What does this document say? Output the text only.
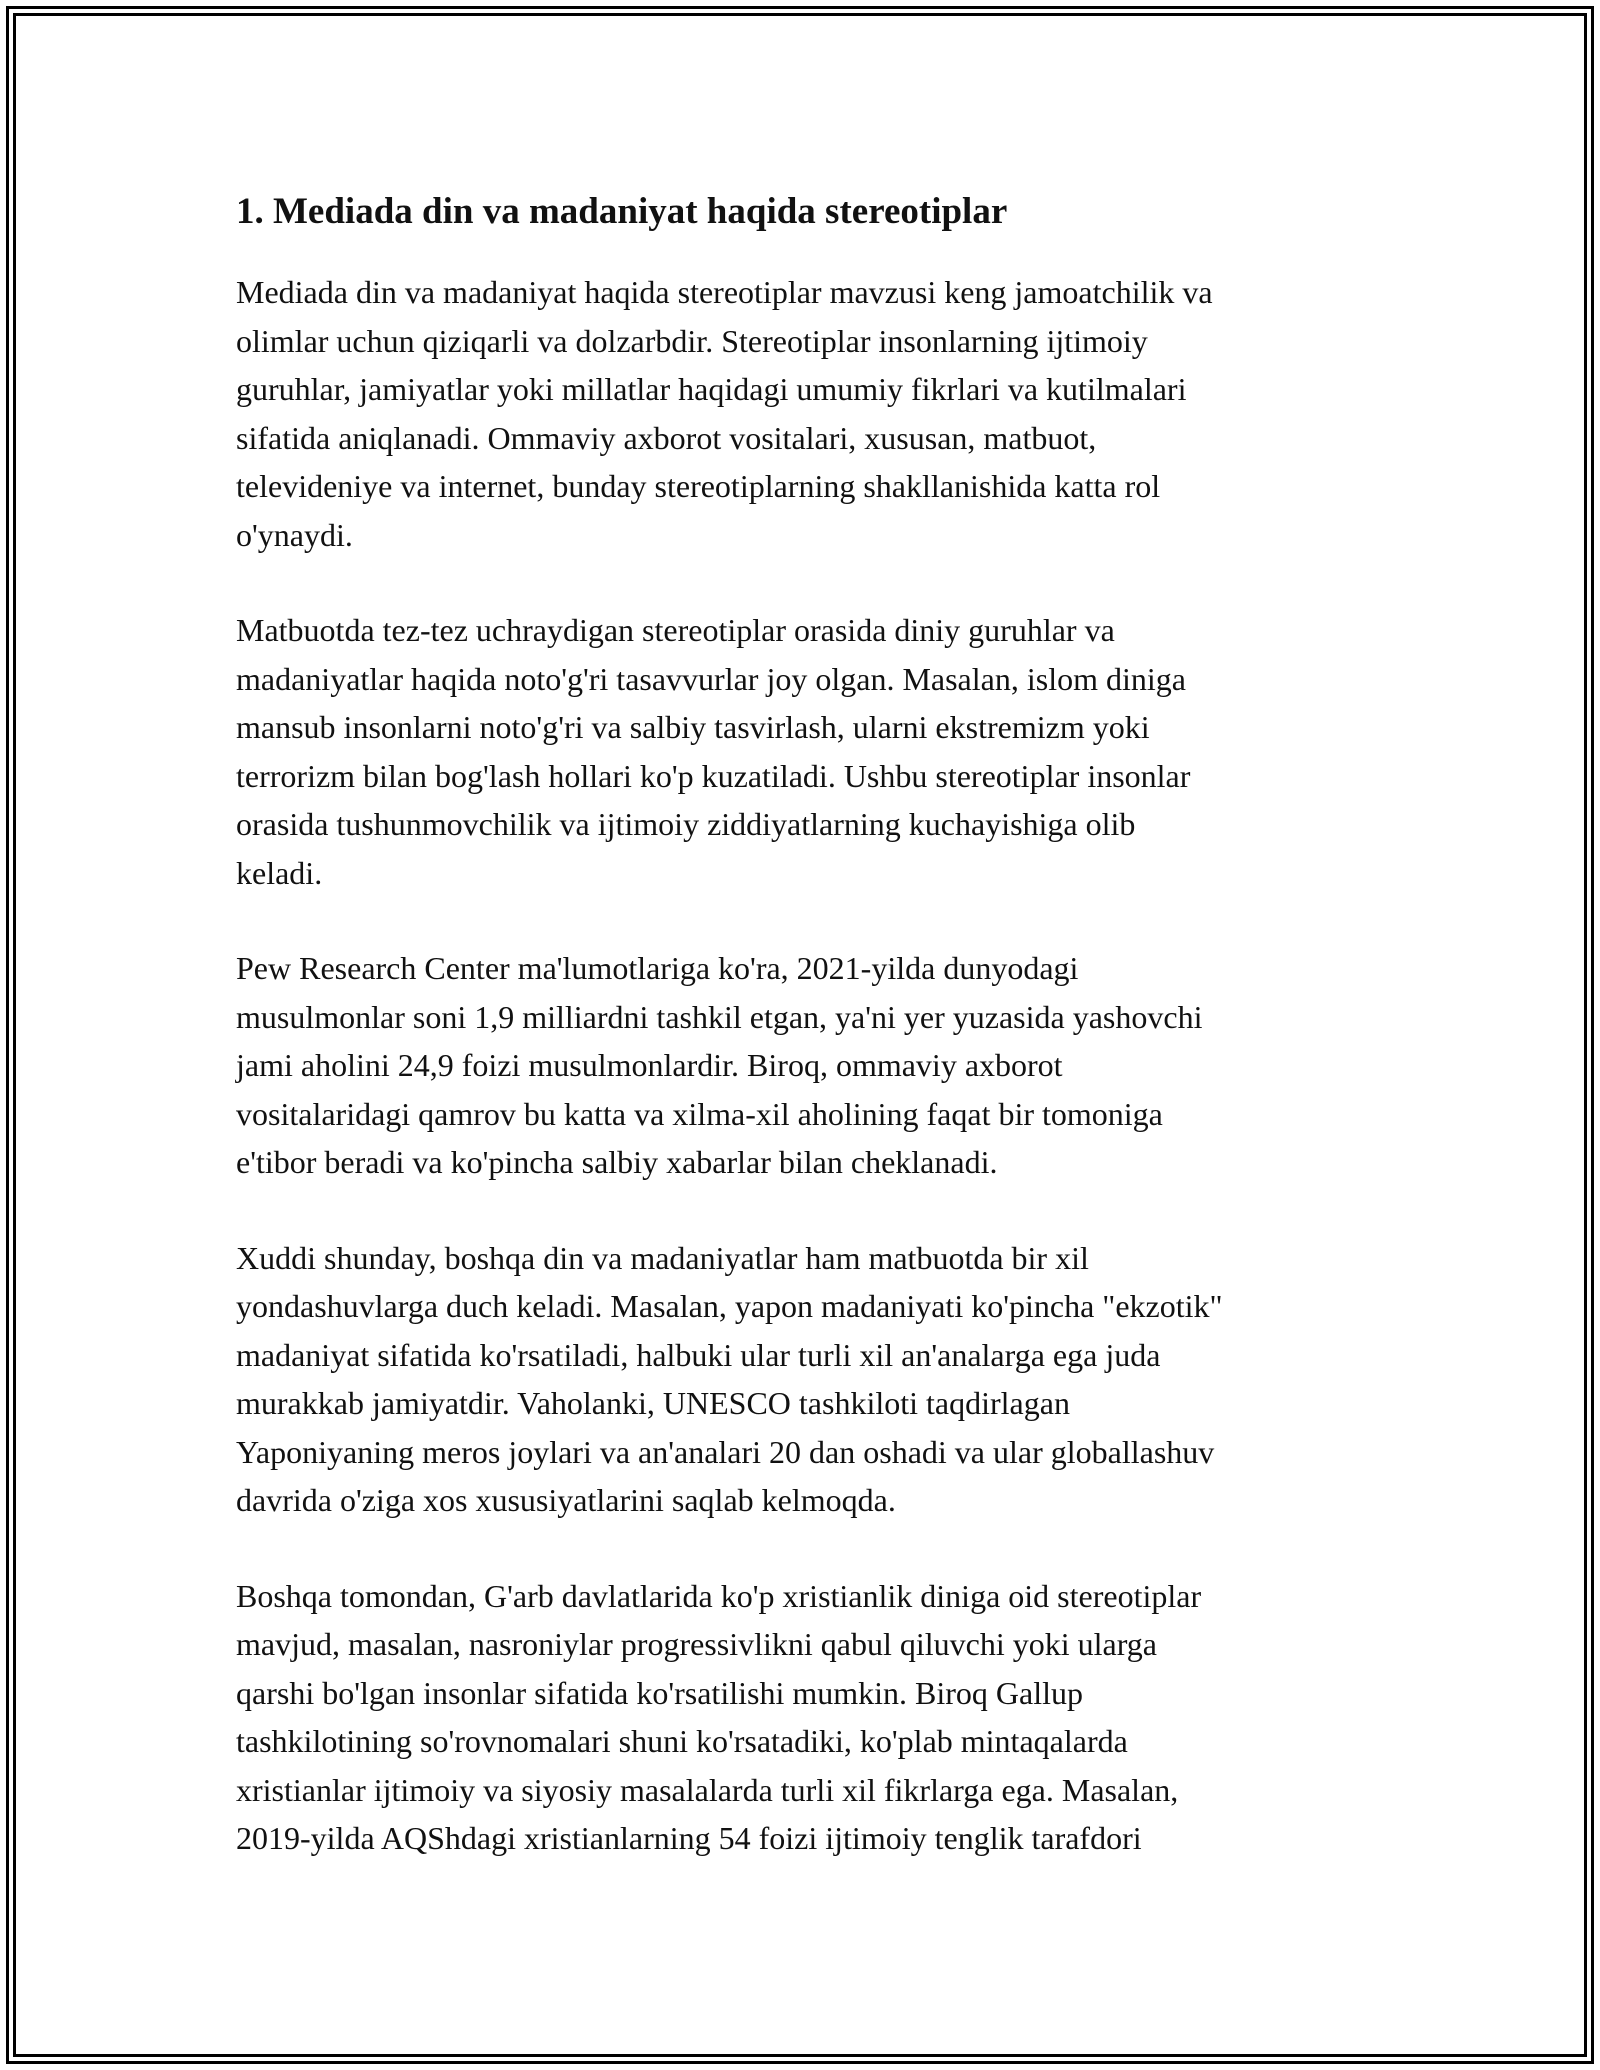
1. Mediada din va madaniyat haqida stereotiplar

Mediada din va madaniyat haqida stereotiplar mavzusi keng jamoatchilik va
olimlar uchun qiziqarli va dolzarbdir. Stereotiplar insonlarning ijtimoiy
guruhlar, jamiyatlar yoki millatlar haqidagi umumiy fikrlari va kutilmalari
sifatida aniqlanadi. Ommaviy axborot vositalari, xususan, matbuot,
televideniye va internet, bunday stereotiplarning shakllanishida katta rol
o'ynaydi.

Matbuotda tez-tez uchraydigan stereotiplar orasida diniy guruhlar va
madaniyatlar haqida noto'g'ri tasavvurlar joy olgan. Masalan, islom diniga
mansub insonlarni noto'g'ri va salbiy tasvirlash, ularni ekstremizm yoki
terrorizm bilan bog'lash hollari ko'p kuzatiladi. Ushbu stereotiplar insonlar
orasida tushunmovchilik va ijtimoiy ziddiyatlarning kuchayishiga olib
keladi.

Pew Research Center ma'lumotlariga ko'ra, 2021-yilda dunyodagi
musulmonlar soni 1,9 milliardni tashkil etgan, ya'ni yer yuzasida yashovchi
jami aholini 24,9 foizi musulmonlardir. Biroq, ommaviy axborot
vositalaridagi qamrov bu katta va xilma-xil aholining faqat bir tomoniga
e'tibor beradi va ko'pincha salbiy xabarlar bilan cheklanadi.

Xuddi shunday, boshqa din va madaniyatlar ham matbuotda bir xil
yondashuvlarga duch keladi. Masalan, yapon madaniyati ko'pincha "ekzotik"
madaniyat sifatida ko'rsatiladi, halbuki ular turli xil an'analarga ega juda
murakkab jamiyatdir. Vaholanki, UNESCO tashkiloti taqdirlagan
Yaponiyaning meros joylari va an'analari 20 dan oshadi va ular globallashuv
davrida o'ziga xos xususiyatlarini saqlab kelmoqda.

Boshqa tomondan, G'arb davlatlarida ko'p xristianlik diniga oid stereotiplar
mavjud, masalan, nasroniylar progressivlikni qabul qiluvchi yoki ularga
qarshi bo'lgan insonlar sifatida ko'rsatilishi mumkin. Biroq Gallup
tashkilotining so'rovnomalari shuni ko'rsatadiki, ko'plab mintaqalarda
xristianlar ijtimoiy va siyosiy masalalarda turli xil fikrlarga ega. Masalan,
2019-yilda AQShdagi xristianlarning 54 foizi ijtimoiy tenglik tarafdori
